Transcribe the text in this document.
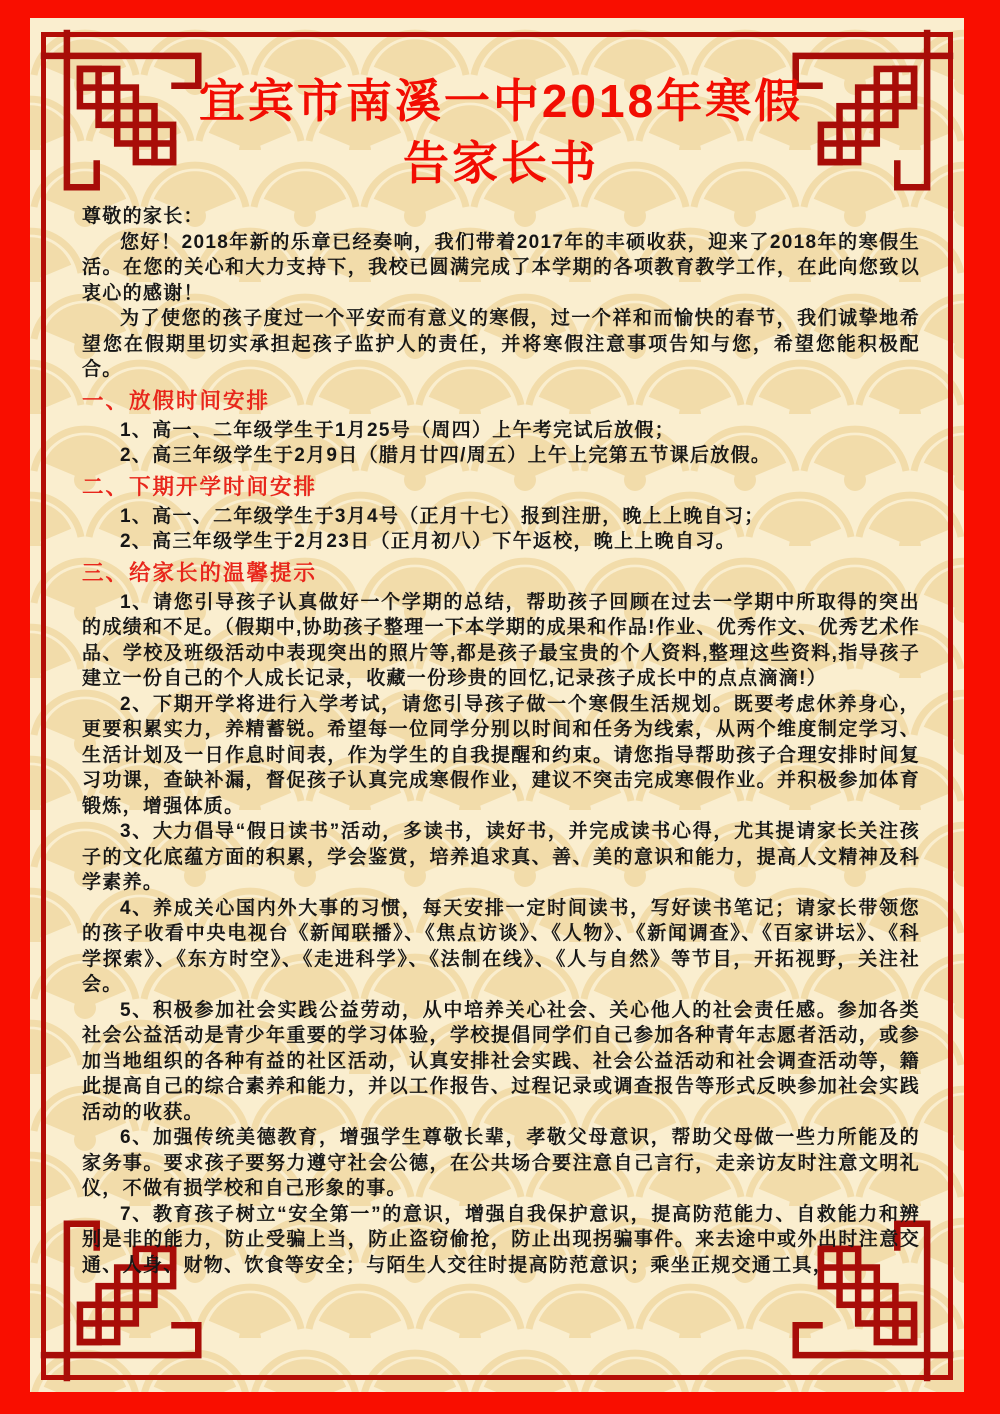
宜宾市南溪一中2018年寒假
告家长书

尊敬的家长：

您好！2018年新的乐章已经奏响，我们带着2017年的丰硕收获，迎来了2018年的寒假生活。在您的关心和大力支持下，我校已圆满完成了本学期的各项教育教学工作，在此向您致以衷心的感谢！

为了使您的孩子度过一个平安而有意义的寒假，过一个祥和而愉快的春节，我们诚挚地希望您在假期里切实承担起孩子监护人的责任，并将寒假注意事项告知与您，希望您能积极配合。

一、放假时间安排

1、高一、二年级学生于1月25号（周四）上午考完试后放假；

2、高三年级学生于2月9日（腊月廿四/周五）上午上完第五节课后放假。

二、下期开学时间安排

1、高一、二年级学生于3月4号（正月十七）报到注册，晚上上晚自习；

2、高三年级学生于2月23日（正月初八）下午返校，晚上上晚自习。

三、给家长的温馨提示

1、请您引导孩子认真做好一个学期的总结，帮助孩子回顾在过去一学期中所取得的突出的成绩和不足。（假期中,协助孩子整理一下本学期的成果和作品!作业、优秀作文、优秀艺术作品、学校及班级活动中表现突出的照片等,都是孩子最宝贵的个人资料,整理这些资料,指导孩子建立一份自己的个人成长记录，收藏一份珍贵的回忆,记录孩子成长中的点点滴滴!）

2、下期开学将进行入学考试，请您引导孩子做一个寒假生活规划。既要考虑休养身心，更要积累实力，养精蓄锐。希望每一位同学分别以时间和任务为线索，从两个维度制定学习、生活计划及一日作息时间表，作为学生的自我提醒和约束。请您指导帮助孩子合理安排时间复习功课，查缺补漏，督促孩子认真完成寒假作业，建议不突击完成寒假作业。并积极参加体育锻炼，增强体质。

3、大力倡导“假日读书”活动，多读书，读好书，并完成读书心得，尤其提请家长关注孩子的文化底蕴方面的积累，学会鉴赏，培养追求真、善、美的意识和能力，提高人文精神及科学素养。

4、养成关心国内外大事的习惯，每天安排一定时间读书，写好读书笔记；请家长带领您的孩子收看中央电视台《新闻联播》、《焦点访谈》、《人物》、《新闻调查》、《百家讲坛》、《科学探索》、《东方时空》、《走进科学》、《法制在线》、《人与自然》等节目，开拓视野，关注社会。

5、积极参加社会实践公益劳动，从中培养关心社会、关心他人的社会责任感。参加各类社会公益活动是青少年重要的学习体验，学校提倡同学们自己参加各种青年志愿者活动，或参加当地组织的各种有益的社区活动，认真安排社会实践、社会公益活动和社会调查活动等，籍此提高自己的综合素养和能力，并以工作报告、过程记录或调查报告等形式反映参加社会实践活动的收获。

6、加强传统美德教育，增强学生尊敬长辈，孝敬父母意识，帮助父母做一些力所能及的家务事。要求孩子要努力遵守社会公德，在公共场合要注意自己言行，走亲访友时注意文明礼仪，不做有损学校和自己形象的事。

7、教育孩子树立“安全第一”的意识，增强自我保护意识，提高防范能力、自救能力和辨别是非的能力，防止受骗上当，防止盗窃偷抢，防止出现拐骗事件。来去途中或外出时注意交通、人身、财物、饮食等安全；与陌生人交往时提高防范意识；乘坐正规交通工具，
